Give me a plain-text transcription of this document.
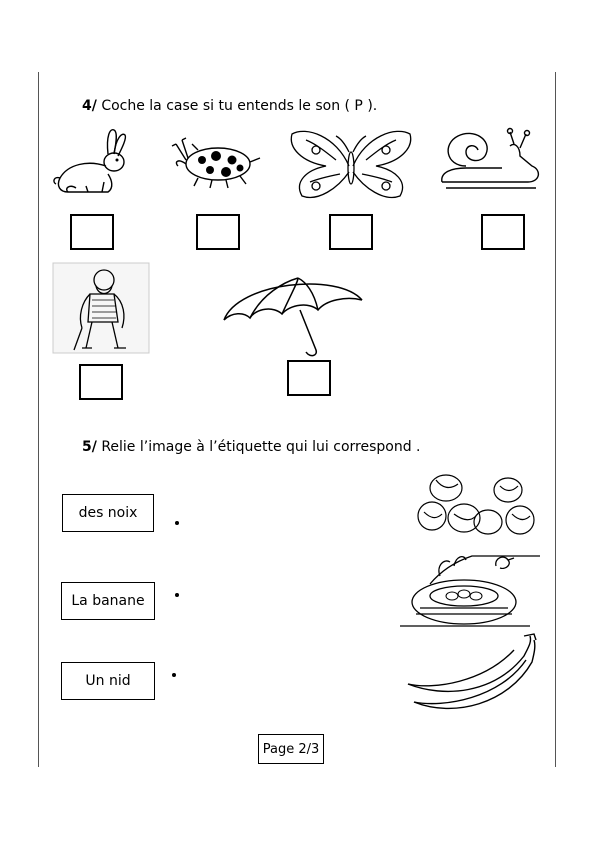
4/ Coche la case si tu entends le son ( P ).
5/ Relie l’image à l’étiquette qui lui correspond .
des noix
La banane
Un nid
Page 2/3
